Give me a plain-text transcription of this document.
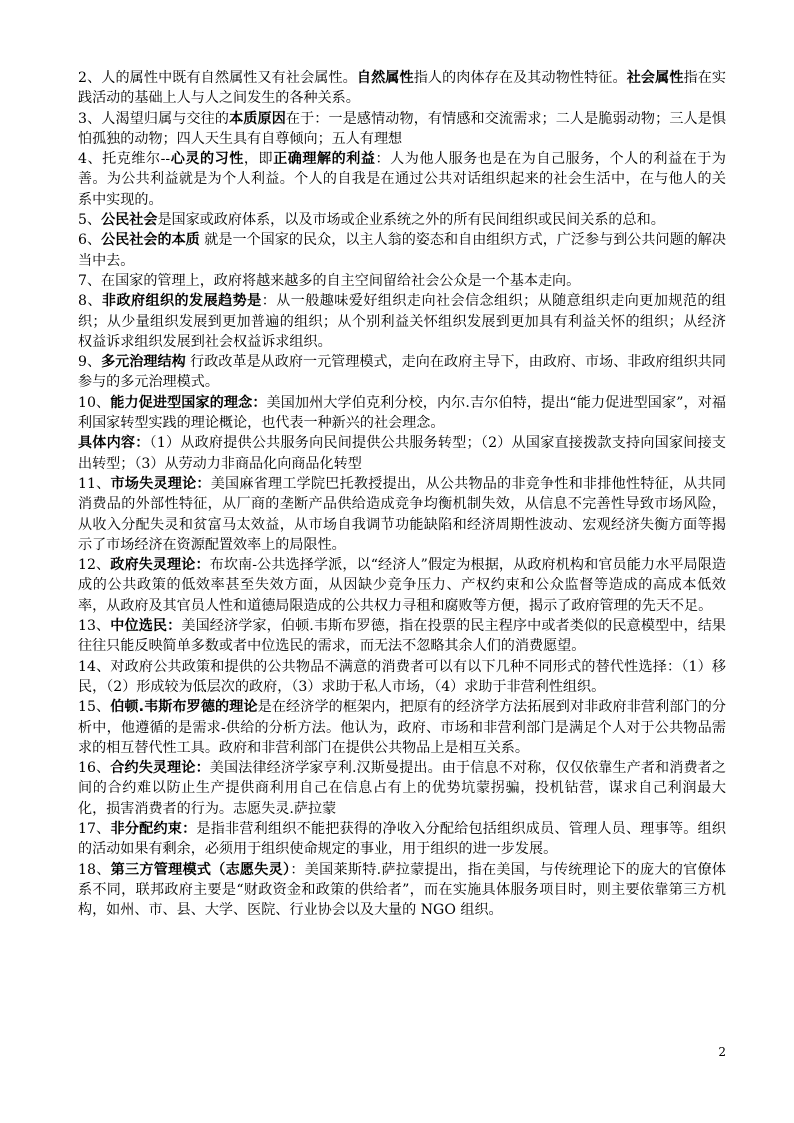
2、人的属性中既有自然属性又有社会属性。自然属性指人的肉体存在及其动物性特征。社会属性指在实践活动的基础上人与人之间发生的各种关系。

3、人渴望归属与交往的本质原因在于：一是感情动物，有情感和交流需求；二人是脆弱动物；三人是惧怕孤独的动物；四人天生具有自尊倾向；五人有理想

4、托克维尔--心灵的习性，即正确理解的利益：人为他人服务也是在为自己服务，个人的利益在于为善。为公共利益就是为个人利益。个人的自我是在通过公共对话组织起来的社会生活中，在与他人的关系中实现的。

5、公民社会是国家或政府体系，以及市场或企业系统之外的所有民间组织或民间关系的总和。

6、公民社会的本质 就是一个国家的民众，以主人翁的姿态和自由组织方式，广泛参与到公共问题的解决当中去。

7、在国家的管理上，政府将越来越多的自主空间留给社会公众是一个基本走向。

8、非政府组织的发展趋势是：从一般趣味爱好组织走向社会信念组织；从随意组织走向更加规范的组织；从少量组织发展到更加普遍的组织；从个别利益关怀组织发展到更加具有利益关怀的组织；从经济权益诉求组织发展到社会权益诉求组织。

9、多元治理结构 行政改革是从政府一元管理模式，走向在政府主导下，由政府、市场、非政府组织共同参与的多元治理模式。

10、能力促进型国家的理念：美国加州大学伯克利分校，内尔.吉尔伯特，提出“能力促进型国家”，对福利国家转型实践的理论概论，也代表一种新兴的社会理念。

具体内容：（1）从政府提供公共服务向民间提供公共服务转型；（2）从国家直接拨款支持向国家间接支出转型；（3）从劳动力非商品化向商品化转型

11、市场失灵理论：美国麻省理工学院巴托教授提出，从公共物品的非竞争性和非排他性特征，从共同消费品的外部性特征，从厂商的垄断产品供给造成竞争均衡机制失效，从信息不完善性导致市场风险，从收入分配失灵和贫富马太效益，从市场自我调节功能缺陷和经济周期性波动、宏观经济失衡方面等揭示了市场经济在资源配置效率上的局限性。

12、政府失灵理论：布坎南-公共选择学派，以“经济人”假定为根据，从政府机构和官员能力水平局限造成的公共政策的低效率甚至失效方面，从因缺少竞争压力、产权约束和公众监督等造成的高成本低效率，从政府及其官员人性和道德局限造成的公共权力寻租和腐败等方便，揭示了政府管理的先天不足。

13、中位选民：美国经济学家，伯顿.韦斯布罗德，指在投票的民主程序中或者类似的民意模型中，结果往往只能反映简单多数或者中位选民的需求，而无法不忽略其余人们的消费愿望。

14、对政府公共政策和提供的公共物品不满意的消费者可以有以下几种不同形式的替代性选择：（1）移民，（2）形成较为低层次的政府，（3）求助于私人市场，（4）求助于非营利性组织。

15、伯顿.韦斯布罗德的理论是在经济学的框架内，把原有的经济学方法拓展到对非政府非营利部门的分析中，他遵循的是需求-供给的分析方法。他认为，政府、市场和非营利部门是满足个人对于公共物品需求的相互替代性工具。政府和非营利部门在提供公共物品上是相互关系。

16、合约失灵理论：美国法律经济学家亨利.汉斯曼提出。由于信息不对称，仅仅依靠生产者和消费者之间的合约难以防止生产提供商利用自己在信息占有上的优势坑蒙拐骗，投机钻营，谋求自己利润最大化，损害消费者的行为。志愿失灵.萨拉蒙

17、非分配约束：是指非营利组织不能把获得的净收入分配给包括组织成员、管理人员、理事等。组织的活动如果有剩余，必须用于组织使命规定的事业，用于组织的进一步发展。

18、第三方管理模式（志愿失灵）：美国莱斯特.萨拉蒙提出，指在美国，与传统理论下的庞大的官僚体系不同，联邦政府主要是“财政资金和政策的供给者”，而在实施具体服务项目时，则主要依靠第三方机构，如州、市、县、大学、医院、行业协会以及大量的 NGO 组织。

2
